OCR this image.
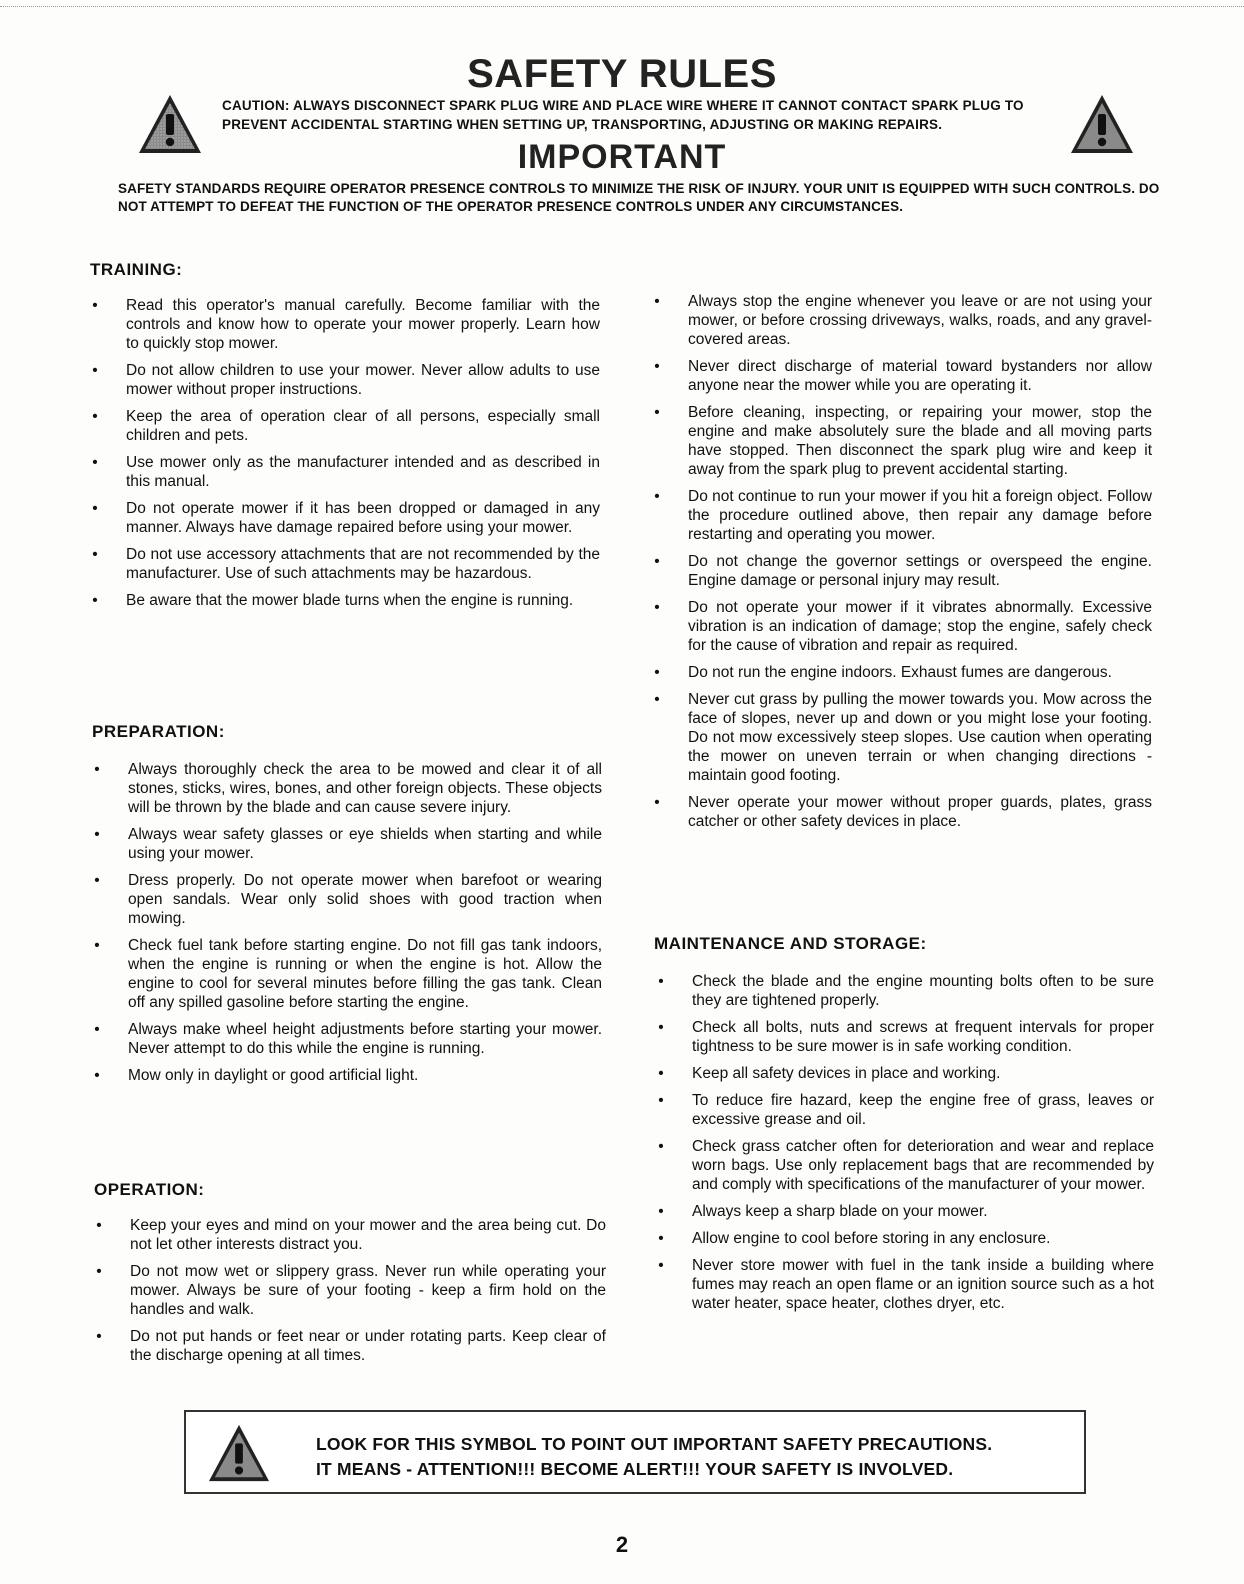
SAFETY RULES
CAUTION: ALWAYS DISCONNECT SPARK PLUG WIRE AND PLACE WIRE WHERE IT CANNOT CONTACT SPARK PLUG TO PREVENT ACCIDENTAL STARTING WHEN SETTING UP, TRANSPORTING, ADJUSTING OR MAKING REPAIRS.
IMPORTANT
SAFETY STANDARDS REQUIRE OPERATOR PRESENCE CONTROLS TO MINIMIZE THE RISK OF INJURY. YOUR UNIT IS EQUIPPED WITH SUCH CONTROLS. DO NOT ATTEMPT TO DEFEAT THE FUNCTION OF THE OPERATOR PRESENCE CONTROLS UNDER ANY CIRCUMSTANCES.
TRAINING:
• Read this operator's manual carefully. Become familiar with the controls and know how to operate your mower properly. Learn how to quickly stop mower.
• Do not allow children to use your mower. Never allow adults to use mower without proper instructions.
• Keep the area of operation clear of all persons, especially small children and pets.
• Use mower only as the manufacturer intended and as described in this manual.
• Do not operate mower if it has been dropped or damaged in any manner. Always have damage repaired before using your mower.
• Do not use accessory attachments that are not recommended by the manufacturer. Use of such attachments may be hazardous.
• Be aware that the mower blade turns when the engine is running.
PREPARATION:
• Always thoroughly check the area to be mowed and clear it of all stones, sticks, wires, bones, and other foreign objects. These objects will be thrown by the blade and can cause severe injury.
• Always wear safety glasses or eye shields when starting and while using your mower.
• Dress properly. Do not operate mower when barefoot or wearing open sandals. Wear only solid shoes with good traction when mowing.
• Check fuel tank before starting engine. Do not fill gas tank indoors, when the engine is running or when the engine is hot. Allow the engine to cool for several minutes before filling the gas tank. Clean off any spilled gasoline before starting the engine.
• Always make wheel height adjustments before starting your mower. Never attempt to do this while the engine is running.
• Mow only in daylight or good artificial light.
OPERATION:
• Keep your eyes and mind on your mower and the area being cut. Do not let other interests distract you.
• Do not mow wet or slippery grass. Never run while operating your mower. Always be sure of your footing - keep a firm hold on the handles and walk.
• Do not put hands or feet near or under rotating parts. Keep clear of the discharge opening at all times.
• Always stop the engine whenever you leave or are not using your mower, or before crossing driveways, walks, roads, and any gravel-covered areas.
• Never direct discharge of material toward bystanders nor allow anyone near the mower while you are operating it.
• Before cleaning, inspecting, or repairing your mower, stop the engine and make absolutely sure the blade and all moving parts have stopped. Then disconnect the spark plug wire and keep it away from the spark plug to prevent accidental starting.
• Do not continue to run your mower if you hit a foreign object. Follow the procedure outlined above, then repair any damage before restarting and operating you mower.
• Do not change the governor settings or overspeed the engine. Engine damage or personal injury may result.
• Do not operate your mower if it vibrates abnormally. Excessive vibration is an indication of damage; stop the engine, safely check for the cause of vibration and repair as required.
• Do not run the engine indoors. Exhaust fumes are dangerous.
• Never cut grass by pulling the mower towards you. Mow across the face of slopes, never up and down or you might lose your footing. Do not mow excessively steep slopes. Use caution when operating the mower on uneven terrain or when changing directions - maintain good footing.
• Never operate your mower without proper guards, plates, grass catcher or other safety devices in place.
MAINTENANCE AND STORAGE:
• Check the blade and the engine mounting bolts often to be sure they are tightened properly.
• Check all bolts, nuts and screws at frequent intervals for proper tightness to be sure mower is in safe working condition.
• Keep all safety devices in place and working.
• To reduce fire hazard, keep the engine free of grass, leaves or excessive grease and oil.
• Check grass catcher often for deterioration and wear and replace worn bags. Use only replacement bags that are recommended by and comply with specifications of the manufacturer of your mower.
• Always keep a sharp blade on your mower.
• Allow engine to cool before storing in any enclosure.
• Never store mower with fuel in the tank inside a building where fumes may reach an open flame or an ignition source such as a hot water heater, space heater, clothes dryer, etc.
LOOK FOR THIS SYMBOL TO POINT OUT IMPORTANT SAFETY PRECAUTIONS.
IT MEANS - ATTENTION!!! BECOME ALERT!!! YOUR SAFETY IS INVOLVED.
2
